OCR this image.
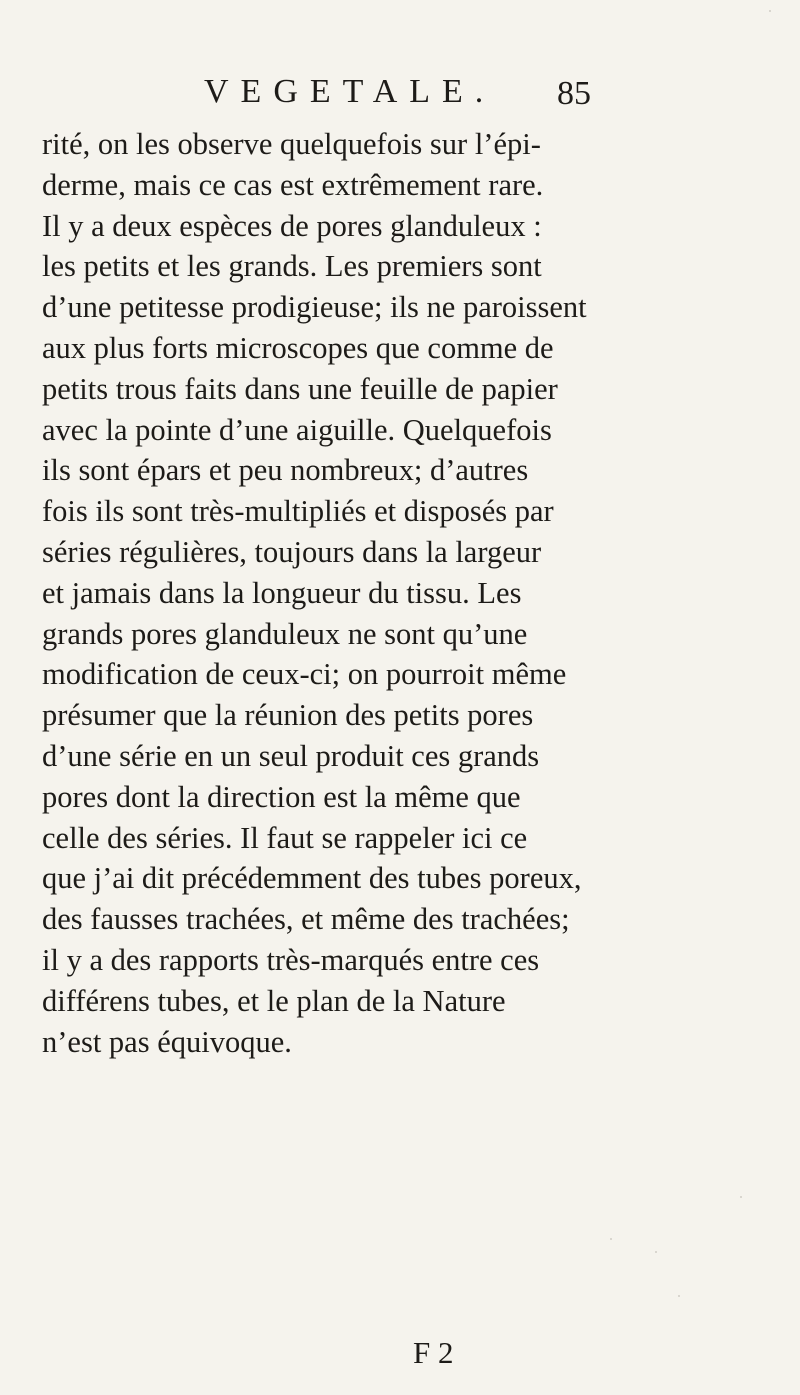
VEGETALE. 85
rité, on les observe quelquefois sur l’épi-
derme, mais ce cas est extrêmement rare.
Il y a deux espèces de pores glanduleux :
les petits et les grands. Les premiers sont
d’une petitesse prodigieuse; ils ne paroissent
aux plus forts microscopes que comme de
petits trous faits dans une feuille de papier
avec la pointe d’une aiguille. Quelquefois
ils sont épars et peu nombreux; d’autres
fois ils sont très-multipliés et disposés par
séries régulières, toujours dans la largeur
et jamais dans la longueur du tissu. Les
grands pores glanduleux ne sont qu’une
modification de ceux-ci; on pourroit même
présumer que la réunion des petits pores
d’une série en un seul produit ces grands
pores dont la direction est la même que
celle des séries. Il faut se rappeler ici ce
que j’ai dit précédemment des tubes poreux,
des fausses trachées, et même des trachées;
il y a des rapports très-marqués entre ces
différens tubes, et le plan de la Nature
n’est pas équivoque.
F 2
